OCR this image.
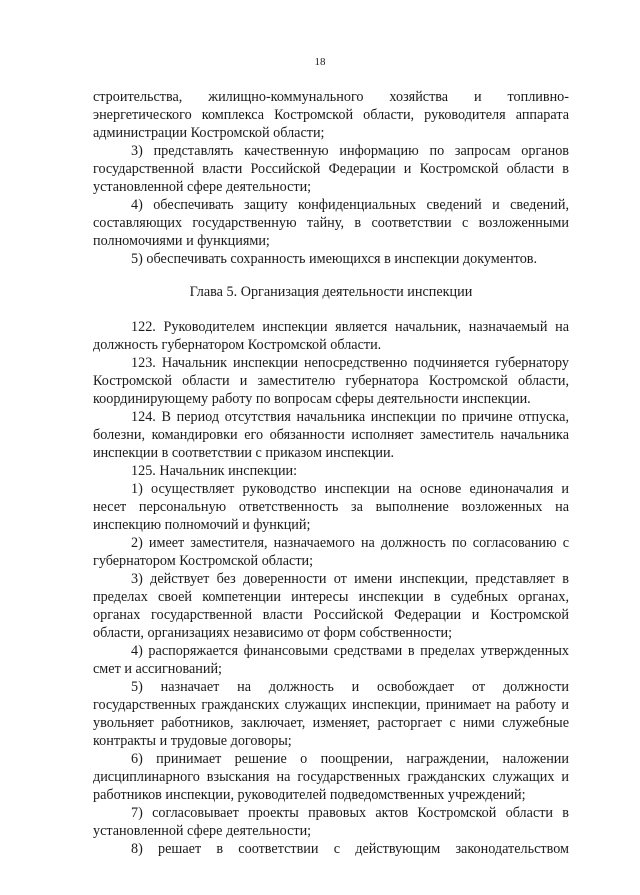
18

строительства, жилищно-коммунального хозяйства и топливно-энергетического комплекса Костромской области, руководителя аппарата администрации Костромской области;

3) представлять качественную информацию по запросам органов государственной власти Российской Федерации и Костромской области в установленной сфере деятельности;

4) обеспечивать защиту конфиденциальных сведений и сведений, составляющих государственную тайну, в соответствии с возложенными полномочиями и функциями;

5) обеспечивать сохранность имеющихся в инспекции документов.

Глава 5. Организация деятельности инспекции

122. Руководителем инспекции является начальник, назначаемый на должность губернатором Костромской области.

123. Начальник инспекции непосредственно подчиняется губернатору Костромской области и заместителю губернатора Костромской области, координирующему работу по вопросам сферы деятельности инспекции.

124. В период отсутствия начальника инспекции по причине отпуска, болезни, командировки его обязанности исполняет заместитель начальника инспекции в соответствии с приказом инспекции.

125. Начальник инспекции:

1) осуществляет руководство инспекции на основе единоначалия и несет персональную ответственность за выполнение возложенных на инспекцию полномочий и функций;

2) имеет заместителя, назначаемого на должность по согласованию с губернатором Костромской области;

3) действует без доверенности от имени инспекции, представляет в пределах своей компетенции интересы инспекции в судебных органах, органах государственной власти Российской Федерации и Костромской области, организациях независимо от форм собственности;

4) распоряжается финансовыми средствами в пределах утвержденных смет и ассигнований;

5) назначает на должность и освобождает от должности государственных гражданских служащих инспекции, принимает на работу и увольняет работников, заключает, изменяет, расторгает с ними служебные контракты и трудовые договоры;

6) принимает решение о поощрении, награждении, наложении дисциплинарного взыскания на государственных гражданских служащих и работников инспекции, руководителей подведомственных учреждений;

7) согласовывает проекты правовых актов Костромской области в установленной сфере деятельности;

8) решает в соответствии с действующим законодательством
